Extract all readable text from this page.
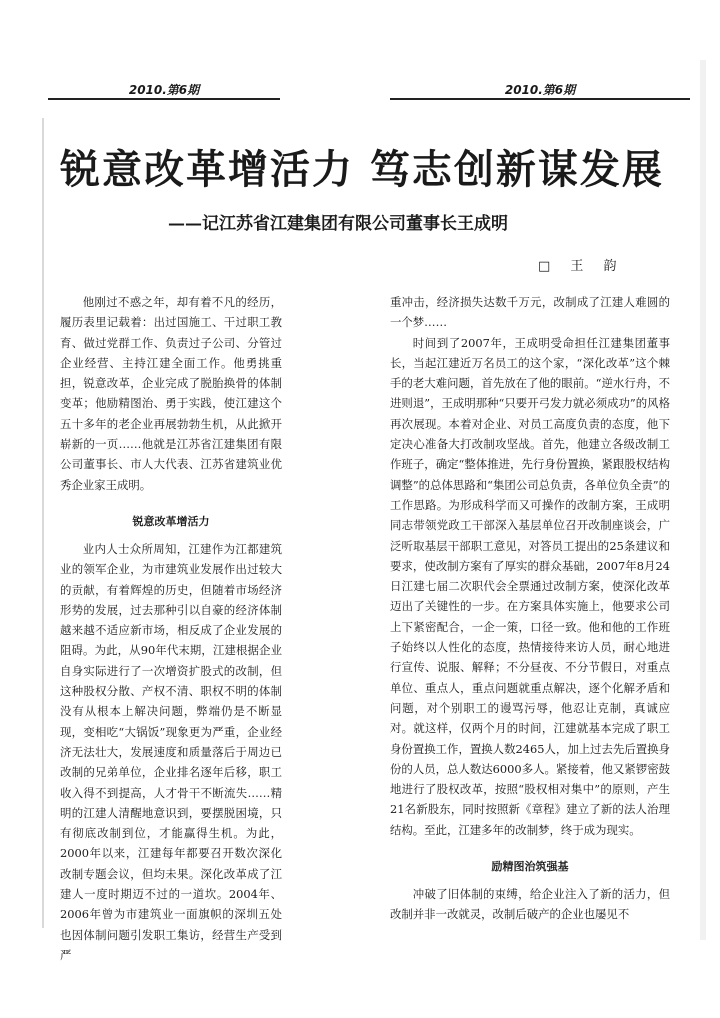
2010.第6期	2010.第6期
锐意改革增活力 笃志创新谋发展
——记江苏省江建集团有限公司董事长王成明
□ 王 韵

他刚过不惑之年，却有着不凡的经历，履历表里记载着：出过国施工、干过职工教育、做过党群工作、负责过子公司、分管过企业经营、主持江建全面工作。他勇挑重担，锐意改革，企业完成了脱胎换骨的体制变革；他励精图治、勇于实践，使江建这个五十多年的老企业再展勃勃生机，从此掀开崭新的一页……他就是江苏省江建集团有限公司董事长、市人大代表、江苏省建筑业优秀企业家王成明。

锐意改革增活力

业内人士众所周知，江建作为江都建筑业的领军企业，为市建筑业发展作出过较大的贡献，有着辉煌的历史，但随着市场经济形势的发展，过去那种引以自豪的经济体制越来越不适应新市场，相反成了企业发展的阻碍。为此，从90年代末期，江建根据企业自身实际进行了一次增资扩股式的改制，但这种股权分散、产权不清、职权不明的体制没有从根本上解决问题，弊端仍是不断显现，变相吃“大锅饭”现象更为严重，企业经济无法壮大，发展速度和质量落后于周边已改制的兄弟单位，企业排名逐年后移，职工收入得不到提高，人才骨干不断流失……精明的江建人清醒地意识到，要摆脱困境，只有彻底改制到位，才能赢得生机。为此，2000年以来，江建每年都要召开数次深化改制专题会议，但均未果。深化改革成了江建人一度时期迈不过的一道坎。2004年、2006年曾为市建筑业一面旗帜的深圳五处也因体制问题引发职工集访，经营生产受到严

重冲击，经济损失达数千万元，改制成了江建人难圆的一个梦……

时间到了2007年，王成明受命担任江建集团董事长，当起江建近万名员工的这个家，“深化改革”这个棘手的老大难问题，首先放在了他的眼前。“逆水行舟，不进则退”，王成明那种“只要开弓发力就必须成功”的风格再次展现。本着对企业、对员工高度负责的态度，他下定决心准备大打改制攻坚战。首先，他建立各级改制工作班子，确定“整体推进，先行身份置换，紧跟股权结构调整”的总体思路和“集团公司总负责，各单位负全责”的工作思路。为形成科学而又可操作的改制方案，王成明同志带领党政工干部深入基层单位召开改制座谈会，广泛听取基层干部职工意见，对答员工提出的25条建议和要求，使改制方案有了厚实的群众基础，2007年8月24日江建七届二次职代会全票通过改制方案，使深化改革迈出了关键性的一步。在方案具体实施上，他要求公司上下紧密配合，一企一策，口径一致。他和他的工作班子始终以人性化的态度，热情接待来访人员，耐心地进行宣传、说服、解释；不分昼夜、不分节假日，对重点单位、重点人，重点问题就重点解决，逐个化解矛盾和问题，对个别职工的谩骂污辱，他忍让克制，真诚应对。就这样，仅两个月的时间，江建就基本完成了职工身份置换工作，置换人数2465人，加上过去先后置换身份的人员，总人数达6000多人。紧接着，他又紧锣密鼓地进行了股权改革，按照“股权相对集中”的原则，产生21名新股东，同时按照新《章程》建立了新的法人治理结构。至此，江建多年的改制梦，终于成为现实。

励精图治筑强基

冲破了旧体制的束缚，给企业注入了新的活力，但改制并非一改就灵，改制后破产的企业也屡见不
